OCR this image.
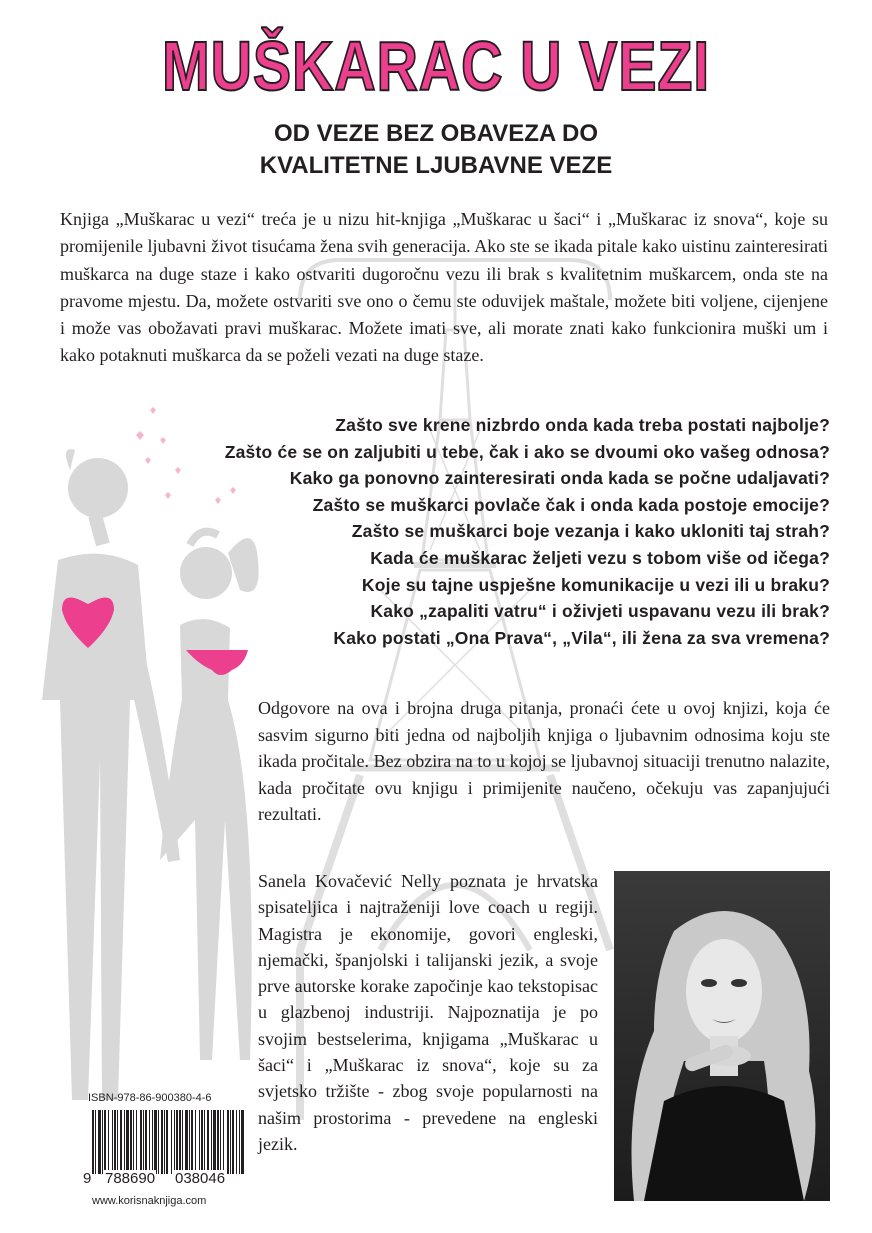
MUŠKARAC U VEZI
OD VEZE BEZ OBAVEZA DO
KVALITETNE LJUBAVNE VEZE
Knjiga „Muškarac u vezi“ treća je u nizu hit-knjiga „Muškarac u šaci“ i „Muškarac iz snova“, koje su promijenile ljubavni život tisućama žena svih generacija. Ako ste se ikada pitale kako uistinu zainteresirati muškarca na duge staze i kako ostvariti dugoročnu vezu ili brak s kvalitetnim muškarcem, onda ste na pravome mjestu. Da, možete ostvariti sve ono o čemu ste oduvijek maštale, možete biti voljene, cijenjene i može vas obožavati pravi muškarac. Možete imati sve, ali morate znati kako funkcionira muški um i kako potaknuti muškarca da se poželi vezati na duge staze.
Zašto sve krene nizbrdo onda kada treba postati najbolje?
Zašto će se on zaljubiti u tebe, čak i ako se dvoumi oko vašeg odnosa?
Kako ga ponovno zainteresirati onda kada se počne udaljavati?
Zašto se muškarci povlače čak i onda kada postoje emocije?
Zašto se muškarci boje vezanja i kako ukloniti taj strah?
Kada će muškarac željeti vezu s tobom više od ičega?
Koje su tajne uspješne komunikacije u vezi ili u braku?
Kako „zapaliti vatru“ i oživjeti uspavanu vezu ili brak?
Kako postati „Ona Prava“, „Vila“, ili žena za sva vremena?
Odgovore na ova i brojna druga pitanja, pronaći ćete u ovoj knjizi, koja će sasvim sigurno biti jedna od najboljih knjiga o ljubavnim odnosima koju ste ikada pročitale. Bez obzira na to u kojoj se ljubavnoj situaciji trenutno nalazite, kada pročitate ovu knjigu i primijenite naučeno, očekuju vas zapanjujući rezultati.
Sanela Kovačević Nelly poznata je hrvatska spisateljica i najtraženiji love coach u regiji. Magistra je ekonomije, govori engleski, njemački, španjolski i talijanski jezik, a svoje prve autorske korake započinje kao tekstopisac u glazbenoj industriji. Najpoznatija je po svojim bestselerima, knjigama „Muškarac u šaci“ i „Muškarac iz snova“, koje su za svjetsko tržište - zbog svoje popularnosti na našim prostorima - prevedene na engleski jezik.
ISBN-978-86-900380-4-6
9 788690 038046
www.korisnaknjiga.com
